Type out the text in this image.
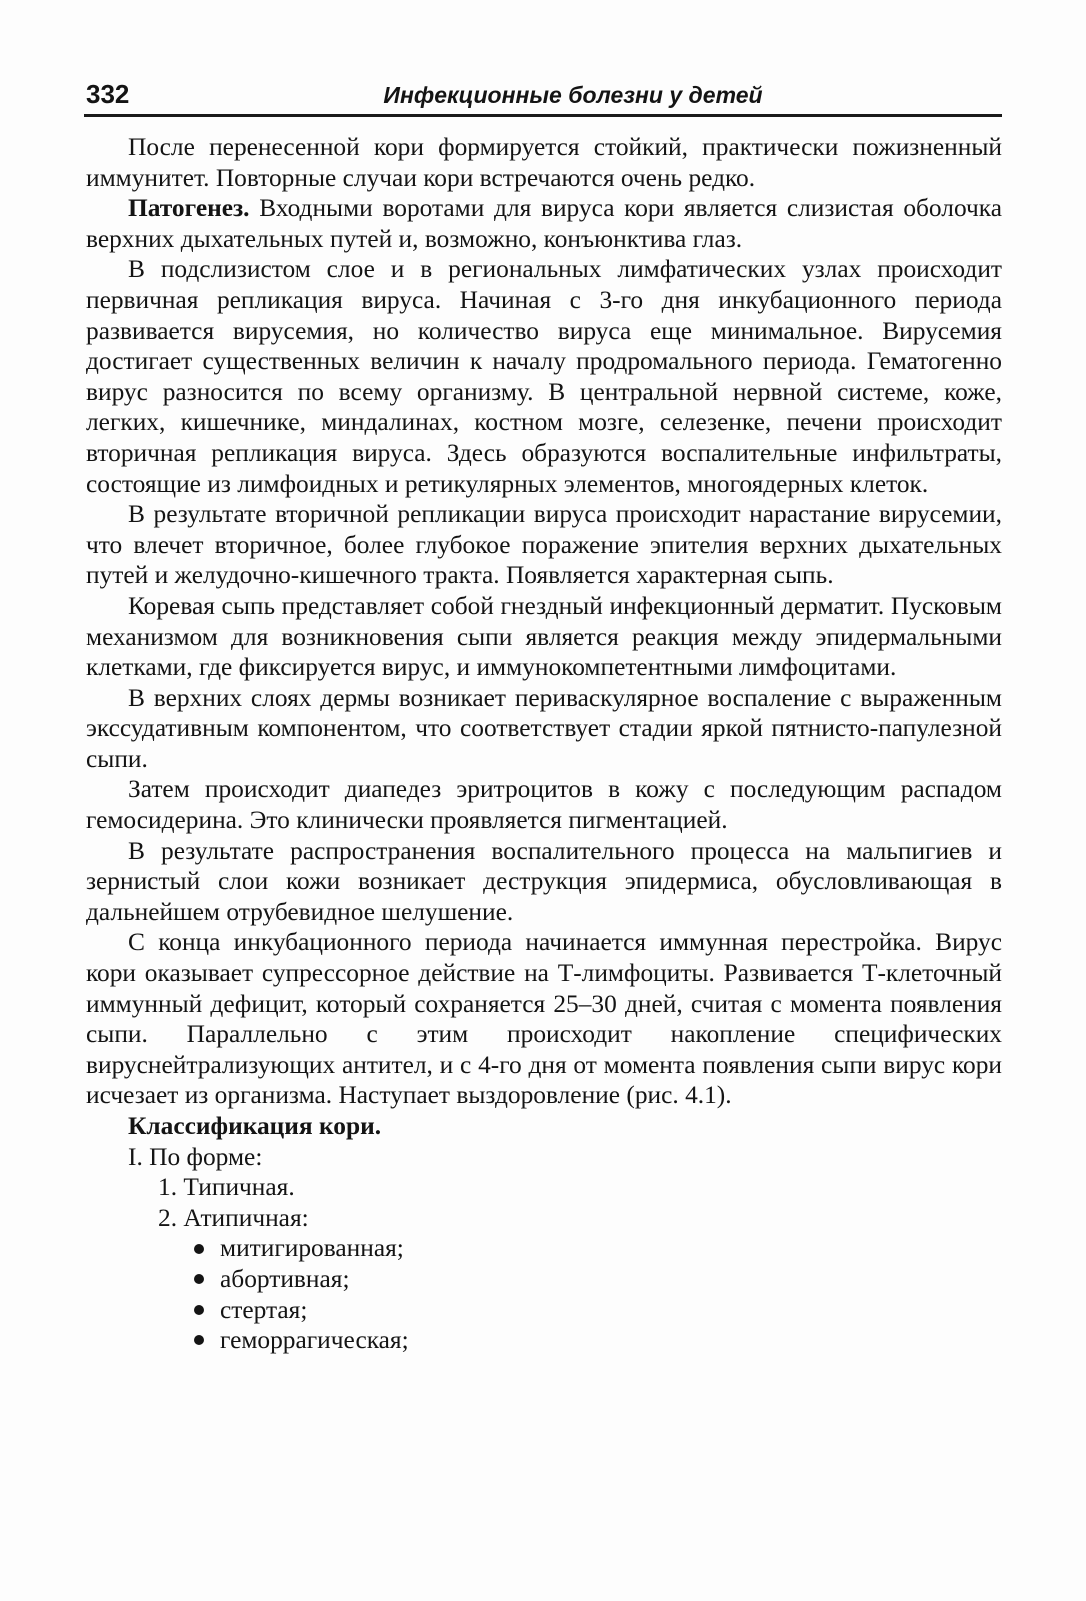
332	Инфекционные болезни у детей

После перенесенной кори формируется стойкий, практически пожизненный иммунитет. Повторные случаи кори встречаются очень редко.

Патогенез. Входными воротами для вируса кори является слизистая оболочка верхних дыхательных путей и, возможно, конъюнктива глаз.

В подслизистом слое и в региональных лимфатических узлах происходит первичная репликация вируса. Начиная с 3-го дня инкубационного периода развивается вирусемия, но количество вируса еще минимальное. Вирусемия достигает существенных величин к началу продромального периода. Гематогенно вирус разносится по всему организму. В центральной нервной системе, коже, легких, кишечнике, миндалинах, костном мозге, селезенке, печени происходит вторичная репликация вируса. Здесь образуются воспалительные инфильтраты, состоящие из лимфоидных и ретикулярных элементов, многоядерных клеток.

В результате вторичной репликации вируса происходит нарастание вирусемии, что влечет вторичное, более глубокое поражение эпителия верхних дыхательных путей и желудочно-кишечного тракта. Появляется характерная сыпь.

Коревая сыпь представляет собой гнездный инфекционный дерматит. Пусковым механизмом для возникновения сыпи является реакция между эпидермальными клетками, где фиксируется вирус, и иммунокомпетентными лимфоцитами.

В верхних слоях дермы возникает периваскулярное воспаление с выраженным экссудативным компонентом, что соответствует стадии яркой пятнисто-папулезной сыпи.

Затем происходит диапедез эритроцитов в кожу с последующим распадом гемосидерина. Это клинически проявляется пигментацией.

В результате распространения воспалительного процесса на мальпигиев и зернистый слои кожи возникает деструкция эпидермиса, обусловливающая в дальнейшем отрубевидное шелушение.

С конца инкубационного периода начинается иммунная перестройка. Вирус кори оказывает супрессорное действие на Т-лимфоциты. Развивается Т-клеточный иммунный дефицит, который сохраняется 25–30 дней, считая с момента появления сыпи. Параллельно с этим происходит накопление специфических вируснейтрализующих антител, и с 4-го дня от момента появления сыпи вирус кори исчезает из организма. Наступает выздоровление (рис. 4.1).

Классификация кори.
I. По форме:
1. Типичная.
2. Атипичная:
митигированная;
абортивная;
стертая;
геморрагическая;
